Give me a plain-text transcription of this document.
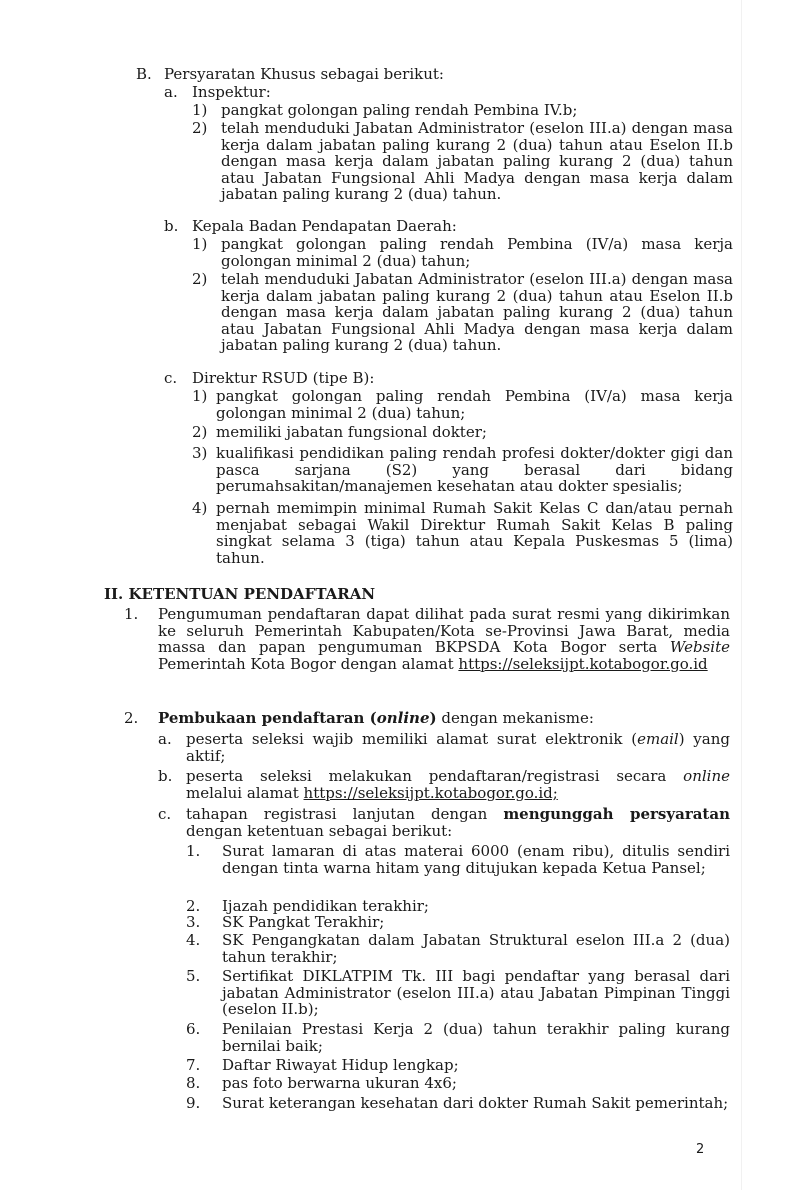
B. Persyaratan Khusus sebagai berikut:
a. Inspektur:
1) pangkat golongan paling rendah Pembina IV.b;
2) telah menduduki Jabatan Administrator (eselon III.a) dengan masa kerja dalam jabatan paling kurang 2 (dua) tahun atau Eselon II.b dengan masa kerja dalam jabatan paling kurang 2 (dua) tahun atau Jabatan Fungsional Ahli Madya dengan masa kerja dalam jabatan paling kurang 2 (dua) tahun.
b. Kepala Badan Pendapatan Daerah:
1) pangkat golongan paling rendah Pembina (IV/a) masa kerja golongan minimal 2 (dua) tahun;
2) telah menduduki Jabatan Administrator (eselon III.a) dengan masa kerja dalam jabatan paling kurang 2 (dua) tahun atau Eselon II.b dengan masa kerja dalam jabatan paling kurang 2 (dua) tahun atau Jabatan Fungsional Ahli Madya dengan masa kerja dalam jabatan paling kurang 2 (dua) tahun.
c. Direktur RSUD (tipe B):
1) pangkat golongan paling rendah Pembina (IV/a) masa kerja golongan minimal 2 (dua) tahun;
2) memiliki jabatan fungsional dokter;
3) kualifikasi pendidikan paling rendah profesi dokter/dokter gigi dan pasca sarjana (S2) yang berasal dari bidang perumahsakitan/manajemen kesehatan atau dokter spesialis;
4) pernah memimpin minimal Rumah Sakit Kelas C dan/atau pernah menjabat sebagai Wakil Direktur Rumah Sakit Kelas B paling singkat selama 3 (tiga) tahun atau Kepala Puskesmas 5 (lima) tahun.
II. KETENTUAN PENDAFTARAN
1. Pengumuman pendaftaran dapat dilihat pada surat resmi yang dikirimkan ke seluruh Pemerintah Kabupaten/Kota se-Provinsi Jawa Barat, media massa dan papan pengumuman BKPSDA Kota Bogor serta Website Pemerintah Kota Bogor dengan alamat https://seleksijpt.kotabogor.go.id
2. Pembukaan pendaftaran (online) dengan mekanisme:
a. peserta seleksi wajib memiliki alamat surat elektronik (email) yang aktif;
b. peserta seleksi melakukan pendaftaran/registrasi secara online melalui alamat https://seleksijpt.kotabogor.go.id;
c. tahapan registrasi lanjutan dengan mengunggah persyaratan dengan ketentuan sebagai berikut:
1. Surat lamaran di atas materai 6000 (enam ribu), ditulis sendiri dengan tinta warna hitam yang ditujukan kepada Ketua Pansel;
2. Ijazah pendidikan terakhir;
3. SK Pangkat Terakhir;
4. SK Pengangkatan dalam Jabatan Struktural eselon III.a 2 (dua) tahun terakhir;
5. Sertifikat DIKLATPIM Tk. III bagi pendaftar yang berasal dari jabatan Administrator (eselon III.a) atau Jabatan Pimpinan Tinggi (eselon II.b);
6. Penilaian Prestasi Kerja 2 (dua) tahun terakhir paling kurang bernilai baik;
7. Daftar Riwayat Hidup lengkap;
8. pas foto berwarna ukuran 4x6;
9. Surat keterangan kesehatan dari dokter Rumah Sakit pemerintah;
2
